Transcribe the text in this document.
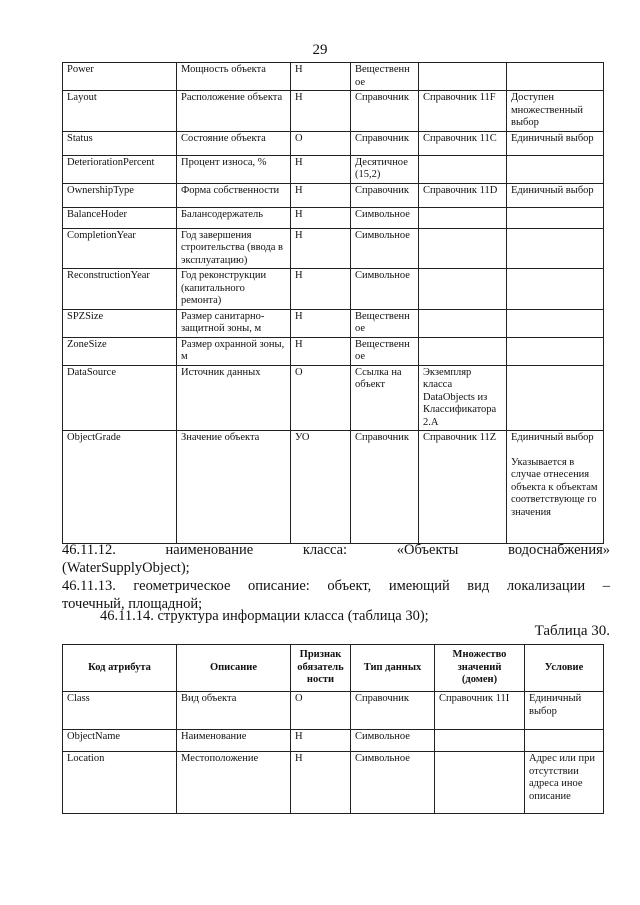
29
Power	Мощность объекта	Н	Вещественн ое		

Layout	Расположение объекта	Н	Справочник	Справочник 11F	Доступен множественный выбор

Status	Состояние объекта	О	Справочник	Справочник 11C	Единичный выбор

DeteriorationPercent	Процент износа, %	Н	Десятичное (15,2)		

OwnershipType	Форма собственности	Н	Справочник	Справочник 11D	Единичный выбор

BalanceHoder	Балансодержатель	Н	Символьное		

CompletionYear	Год завершения строительства (ввода в эксплуатацию)	Н	Символьное		

ReconstructionYear	Год реконструкции (капитального ремонта)	Н	Символьное		

SPZSize	Размер санитарно-защитной зоны, м	Н	Вещественн ое		

ZoneSize	Размер охранной зоны, м	Н	Вещественн ое		

DataSource	Источник данных	О	Ссылка на объект	Экземпляр класса DataObjects из Классификатора 2.А	

ObjectGrade	Значение объекта	УО	Справочник	Справочник 11Z	Единичный выбор
Указывается в случае отнесения объекта к объектам соответствующе го значения
46.11.12. наименование класса: «Объекты водоснабжения»
(WaterSupplyObject);
46.11.13. геометрическое описание: объект, имеющий вид локализации –
точечный, площадной;
46.11.14. структура информации класса (таблица 30);
Таблица 30.
Код атрибута	Описание	Признак обязатель ности	Тип данных	Множество значений (домен)	Условие
Class	Вид объекта	О	Справочник	Справочник 11I	Единичный выбор
ObjectName	Наименование	Н	Символьное		
Location	Местоположение	Н	Символьное		Адрес или при отсутствии адреса иное описание
